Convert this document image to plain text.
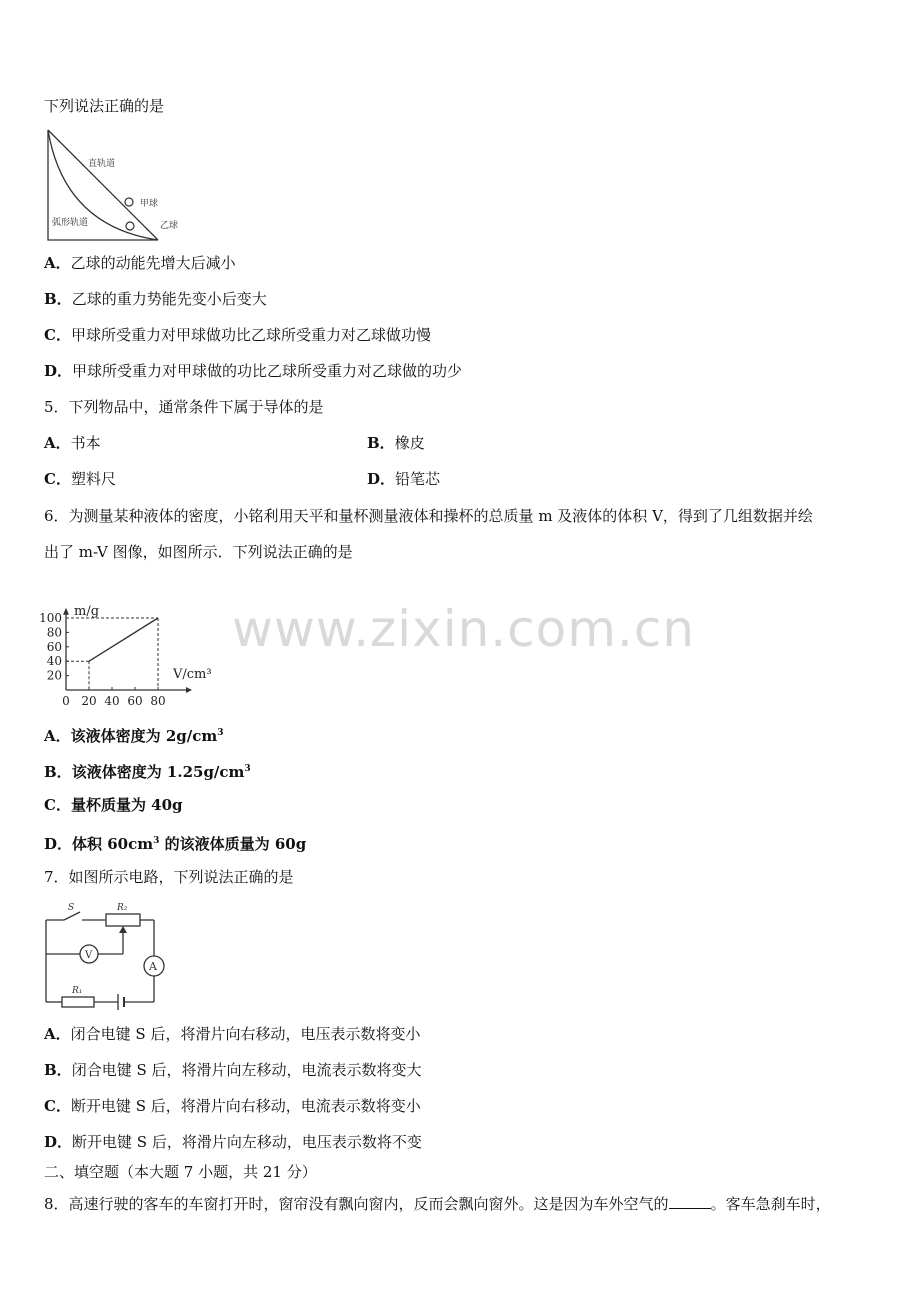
下列说法正确的是
直轨道
甲球
弧形轨道	乙球
A．乙球的动能先增大后减小
B．乙球的重力势能先变小后变大
C．甲球所受重力对甲球做功比乙球所受重力对乙球做功慢
D．甲球所受重力对甲球做的功比乙球所受重力对乙球做的功少
5．下列物品中，通常条件下属于导体的是
A．书本	B．橡皮
C．塑料尺	D．铅笔芯
6．为测量某种液体的密度，小铭利用天平和量杯测量液体和操杯的总质量 m 及液体的体积 V，得到了几组数据并绘
出了 m-V 图像，如图所示．下列说法正确的是
0 20 40 60 80
20
40
60
80
100 m/g
V/cm³
A．该液体密度为 $2g/cm^3$
B．该液体密度为 $1.25g/cm^3$
C．量杯质量为 40g
D．体积 $60cm^3$ 的该液体质量为 60g
7．如图所示电路，下列说法正确的是
S	R₂
V
A
R₁
A．闭合电键 S 后，将滑片向右移动，电压表示数将变小
B．闭合电键 S 后，将滑片向左移动，电流表示数将变大
C．断开电键 S 后，将滑片向右移动，电流表示数将变小
D．断开电键 S 后，将滑片向左移动，电压表示数将不变
二、填空题（本大题 7 小题，共 21 分）
8．高速行驶的客车的车窗打开时，窗帘没有飘向窗内，反而会飘向窗外。这是因为车外空气的	。客车急刹车时，
www.zixin.com.cn
